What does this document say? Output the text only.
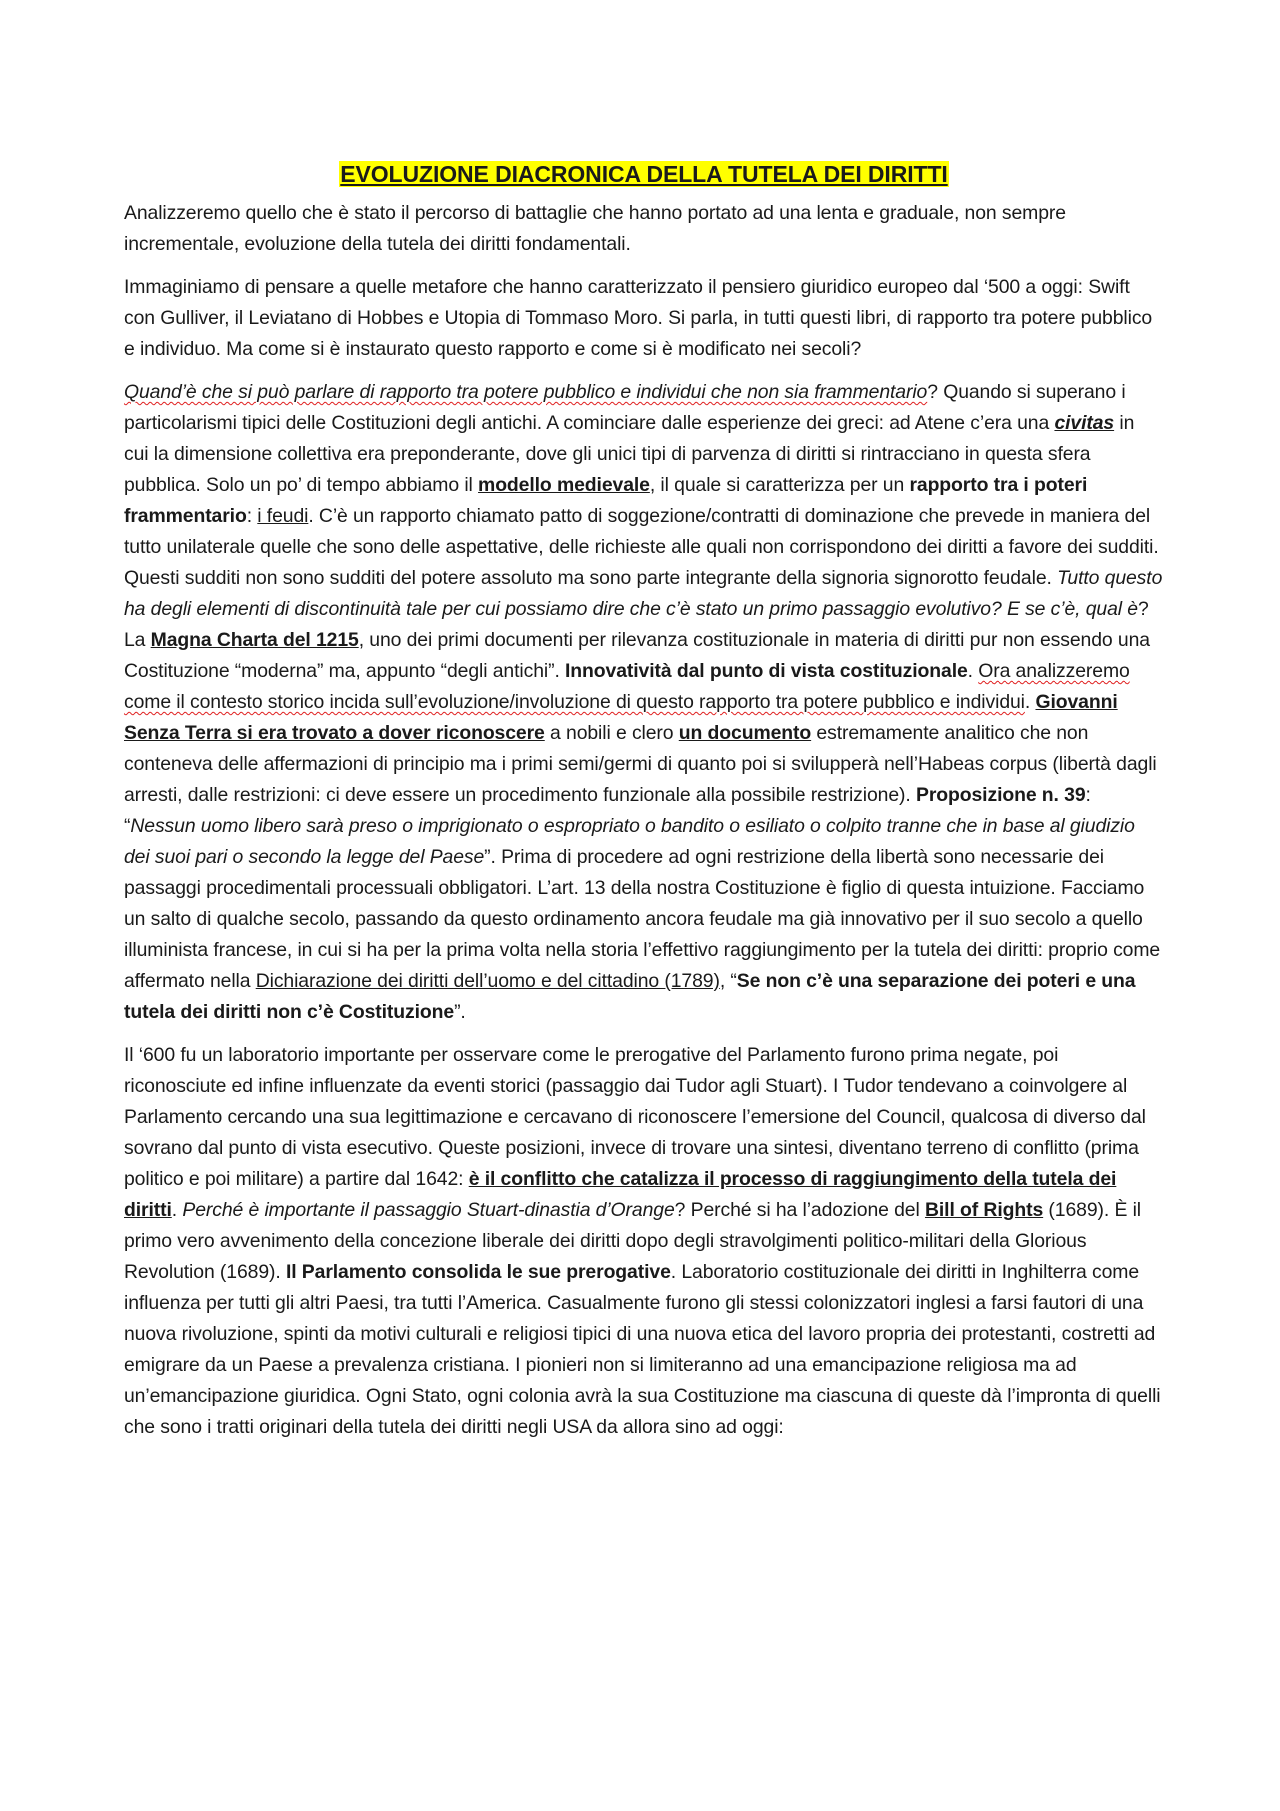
EVOLUZIONE DIACRONICA DELLA TUTELA DEI DIRITTI

Analizzeremo quello che è stato il percorso di battaglie che hanno portato ad una lenta e graduale, non sempre incrementale, evoluzione della tutela dei diritti fondamentali.

Immaginiamo di pensare a quelle metafore che hanno caratterizzato il pensiero giuridico europeo dal ‘500 a oggi: Swift con Gulliver, il Leviatano di Hobbes e Utopia di Tommaso Moro. Si parla, in tutti questi libri, di rapporto tra potere pubblico e individuo. Ma come si è instaurato questo rapporto e come si è modificato nei secoli?

Quand’è che si può parlare di rapporto tra potere pubblico e individui che non sia frammentario? Quando si superano i particolarismi tipici delle Costituzioni degli antichi. A cominciare dalle esperienze dei greci: ad Atene c’era una civitas in cui la dimensione collettiva era preponderante, dove gli unici tipi di parvenza di diritti si rintracciano in questa sfera pubblica. Solo un po’ di tempo abbiamo il modello medievale, il quale si caratterizza per un rapporto tra i poteri frammentario: i feudi. C’è un rapporto chiamato patto di soggezione/contratti di dominazione che prevede in maniera del tutto unilaterale quelle che sono delle aspettative, delle richieste alle quali non corrispondono dei diritti a favore dei sudditi. Questi sudditi non sono sudditi del potere assoluto ma sono parte integrante della signoria signorotto feudale. Tutto questo ha degli elementi di discontinuità tale per cui possiamo dire che c’è stato un primo passaggio evolutivo? E se c’è, qual è? La Magna Charta del 1215, uno dei primi documenti per rilevanza costituzionale in materia di diritti pur non essendo una Costituzione “moderna” ma, appunto “degli antichi”. Innovatività dal punto di vista costituzionale. Ora analizzeremo come il contesto storico incida sull’evoluzione/involuzione di questo rapporto tra potere pubblico e individui. Giovanni Senza Terra si era trovato a dover riconoscere a nobili e clero un documento estremamente analitico che non conteneva delle affermazioni di principio ma i primi semi/germi di quanto poi si svilupperà nell’Habeas corpus (libertà dagli arresti, dalle restrizioni: ci deve essere un procedimento funzionale alla possibile restrizione). Proposizione n. 39: “Nessun uomo libero sarà preso o imprigionato o espropriato o bandito o esiliato o colpito tranne che in base al giudizio dei suoi pari o secondo la legge del Paese”. Prima di procedere ad ogni restrizione della libertà sono necessarie dei passaggi procedimentali processuali obbligatori. L’art. 13 della nostra Costituzione è figlio di questa intuizione. Facciamo un salto di qualche secolo, passando da questo ordinamento ancora feudale ma già innovativo per il suo secolo a quello illuminista francese, in cui si ha per la prima volta nella storia l’effettivo raggiungimento per la tutela dei diritti: proprio come affermato nella Dichiarazione dei diritti dell’uomo e del cittadino (1789), “Se non c’è una separazione dei poteri e una tutela dei diritti non c’è Costituzione”.

Il ‘600 fu un laboratorio importante per osservare come le prerogative del Parlamento furono prima negate, poi riconosciute ed infine influenzate da eventi storici (passaggio dai Tudor agli Stuart). I Tudor tendevano a coinvolgere al Parlamento cercando una sua legittimazione e cercavano di riconoscere l’emersione del Council, qualcosa di diverso dal sovrano dal punto di vista esecutivo. Queste posizioni, invece di trovare una sintesi, diventano terreno di conflitto (prima politico e poi militare) a partire dal 1642: è il conflitto che catalizza il processo di raggiungimento della tutela dei diritti. Perché è importante il passaggio Stuart-dinastia d’Orange? Perché si ha l’adozione del Bill of Rights (1689). È il primo vero avvenimento della concezione liberale dei diritti dopo degli stravolgimenti politico-militari della Glorious Revolution (1689). Il Parlamento consolida le sue prerogative. Laboratorio costituzionale dei diritti in Inghilterra come influenza per tutti gli altri Paesi, tra tutti l’America. Casualmente furono gli stessi colonizzatori inglesi a farsi fautori di una nuova rivoluzione, spinti da motivi culturali e religiosi tipici di una nuova etica del lavoro propria dei protestanti, costretti ad emigrare da un Paese a prevalenza cristiana. I pionieri non si limiteranno ad una emancipazione religiosa ma ad un’emancipazione giuridica. Ogni Stato, ogni colonia avrà la sua Costituzione ma ciascuna di queste dà l’impronta di quelli che sono i tratti originari della tutela dei diritti negli USA da allora sino ad oggi:
